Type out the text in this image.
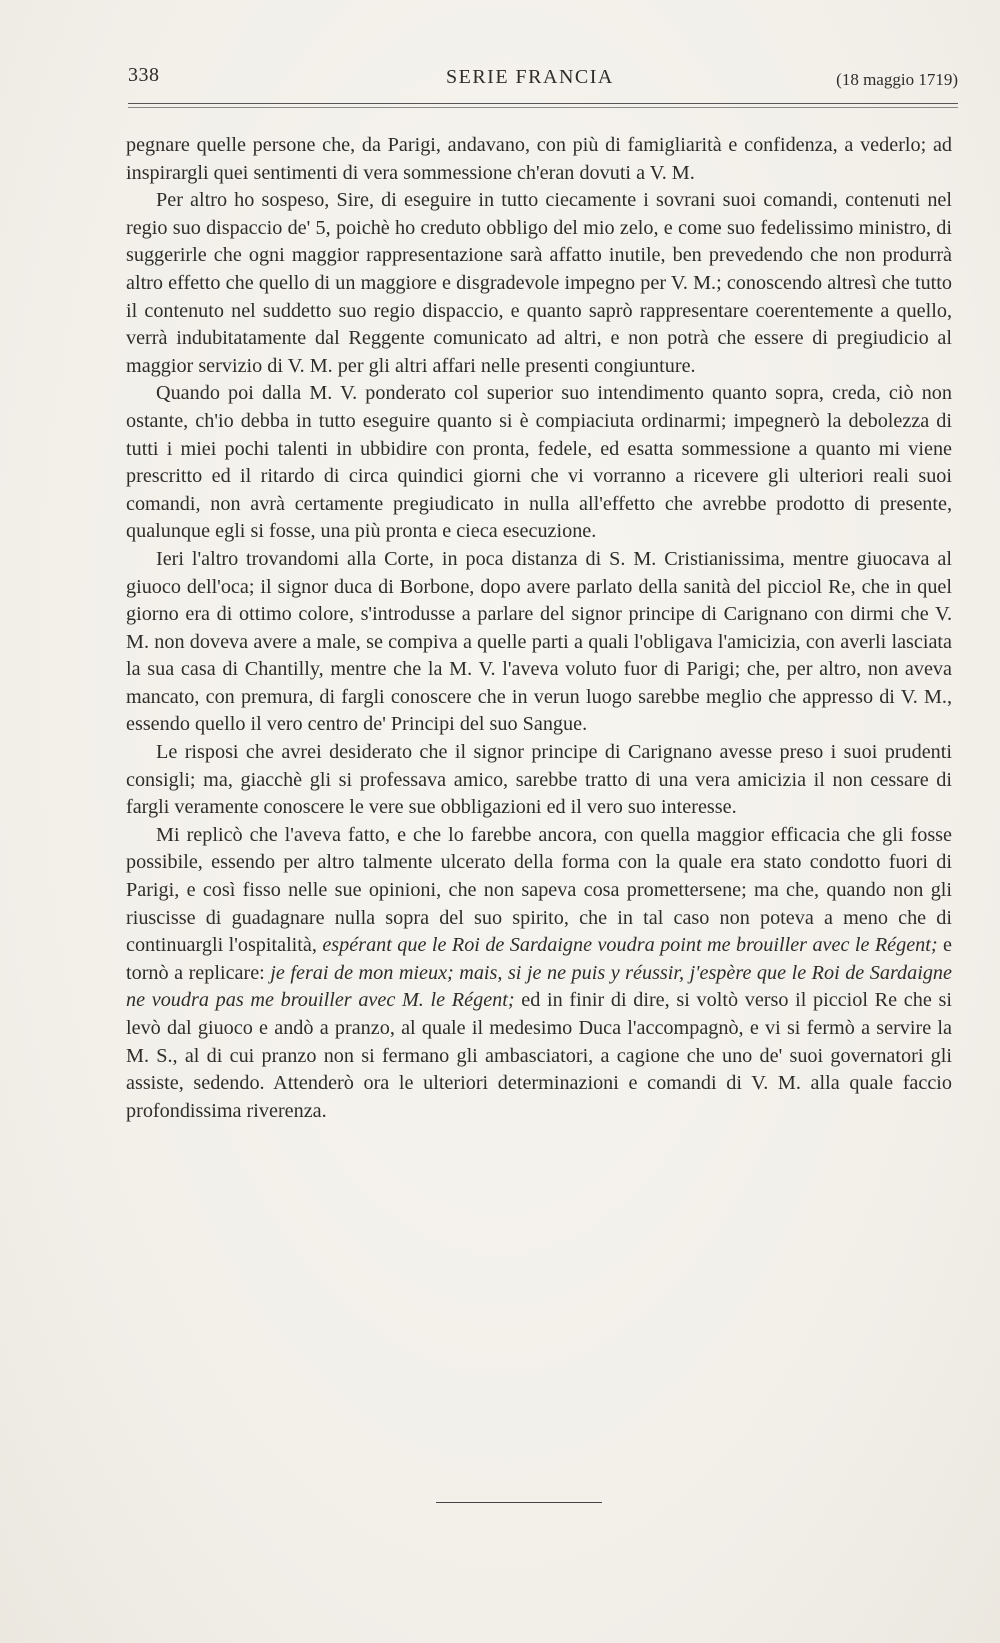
338	SERIE FRANCIA	(18 maggio 1719)

pegnare quelle persone che, da Parigi, andavano, con più di famigliarità e confidenza, a vederlo; ad inspirargli quei sentimenti di vera sommessione ch'eran dovuti a V. M.

Per altro ho sospeso, Sire, di eseguire in tutto ciecamente i sovrani suoi comandi, contenuti nel regio suo dispaccio de' 5, poichè ho creduto obbligo del mio zelo, e come suo fedelissimo ministro, di suggerirle che ogni maggior rappresentazione sarà affatto inutile, ben prevedendo che non produrrà altro effetto che quello di un maggiore e disgradevole impegno per V. M.; conoscendo altresì che tutto il contenuto nel suddetto suo regio dispaccio, e quanto saprò rappresentare coerentemente a quello, verrà indubitatamente dal Reggente comunicato ad altri, e non potrà che essere di pregiudicio al maggior servizio di V. M. per gli altri affari nelle presenti congiunture.

Quando poi dalla M. V. ponderato col superior suo intendimento quanto sopra, creda, ciò non ostante, ch'io debba in tutto eseguire quanto si è compiaciuta ordinarmi; impegnerò la debolezza di tutti i miei pochi talenti in ubbidire con pronta, fedele, ed esatta sommessione a quanto mi viene prescritto ed il ritardo di circa quindici giorni che vi vorranno a ricevere gli ulteriori reali suoi comandi, non avrà certamente pregiudicato in nulla all'effetto che avrebbe prodotto di presente, qualunque egli si fosse, una più pronta e cieca esecuzione.

Ieri l'altro trovandomi alla Corte, in poca distanza di S. M. Cristianissima, mentre giuocava al giuoco dell'oca; il signor duca di Borbone, dopo avere parlato della sanità del picciol Re, che in quel giorno era di ottimo colore, s'introdusse a parlare del signor principe di Carignano con dirmi che V. M. non doveva avere a male, se compiva a quelle parti a quali l'obligava l'amicizia, con averli lasciata la sua casa di Chantilly, mentre che la M. V. l'aveva voluto fuor di Parigi; che, per altro, non aveva mancato, con premura, di fargli conoscere che in verun luogo sarebbe meglio che appresso di V. M., essendo quello il vero centro de' Principi del suo Sangue.

Le risposi che avrei desiderato che il signor principe di Carignano avesse preso i suoi prudenti consigli; ma, giacchè gli si professava amico, sarebbe tratto di una vera amicizia il non cessare di fargli veramente conoscere le vere sue obbligazioni ed il vero suo interesse.

Mi replicò che l'aveva fatto, e che lo farebbe ancora, con quella maggior efficacia che gli fosse possibile, essendo per altro talmente ulcerato della forma con la quale era stato condotto fuori di Parigi, e così fisso nelle sue opinioni, che non sapeva cosa promettersene; ma che, quando non gli riuscisse di guadagnare nulla sopra del suo spirito, che in tal caso non poteva a meno che di continuargli l'ospitalità, espérant que le Roi de Sardaigne voudra point me brouiller avec le Régent; e tornò a replicare: je ferai de mon mieux; mais, si je ne puis y réussir, j'espère que le Roi de Sardaigne ne voudra pas me brouiller avec M. le Régent; ed in finir di dire, si voltò verso il picciol Re che si levò dal giuoco e andò a pranzo, al quale il medesimo Duca l'accompagnò, e vi si fermò a servire la M. S., al di cui pranzo non si fermano gli ambasciatori, a cagione che uno de' suoi governatori gli assiste, sedendo. Attenderò ora le ulteriori determinazioni e comandi di V. M. alla quale faccio profondissima riverenza.
